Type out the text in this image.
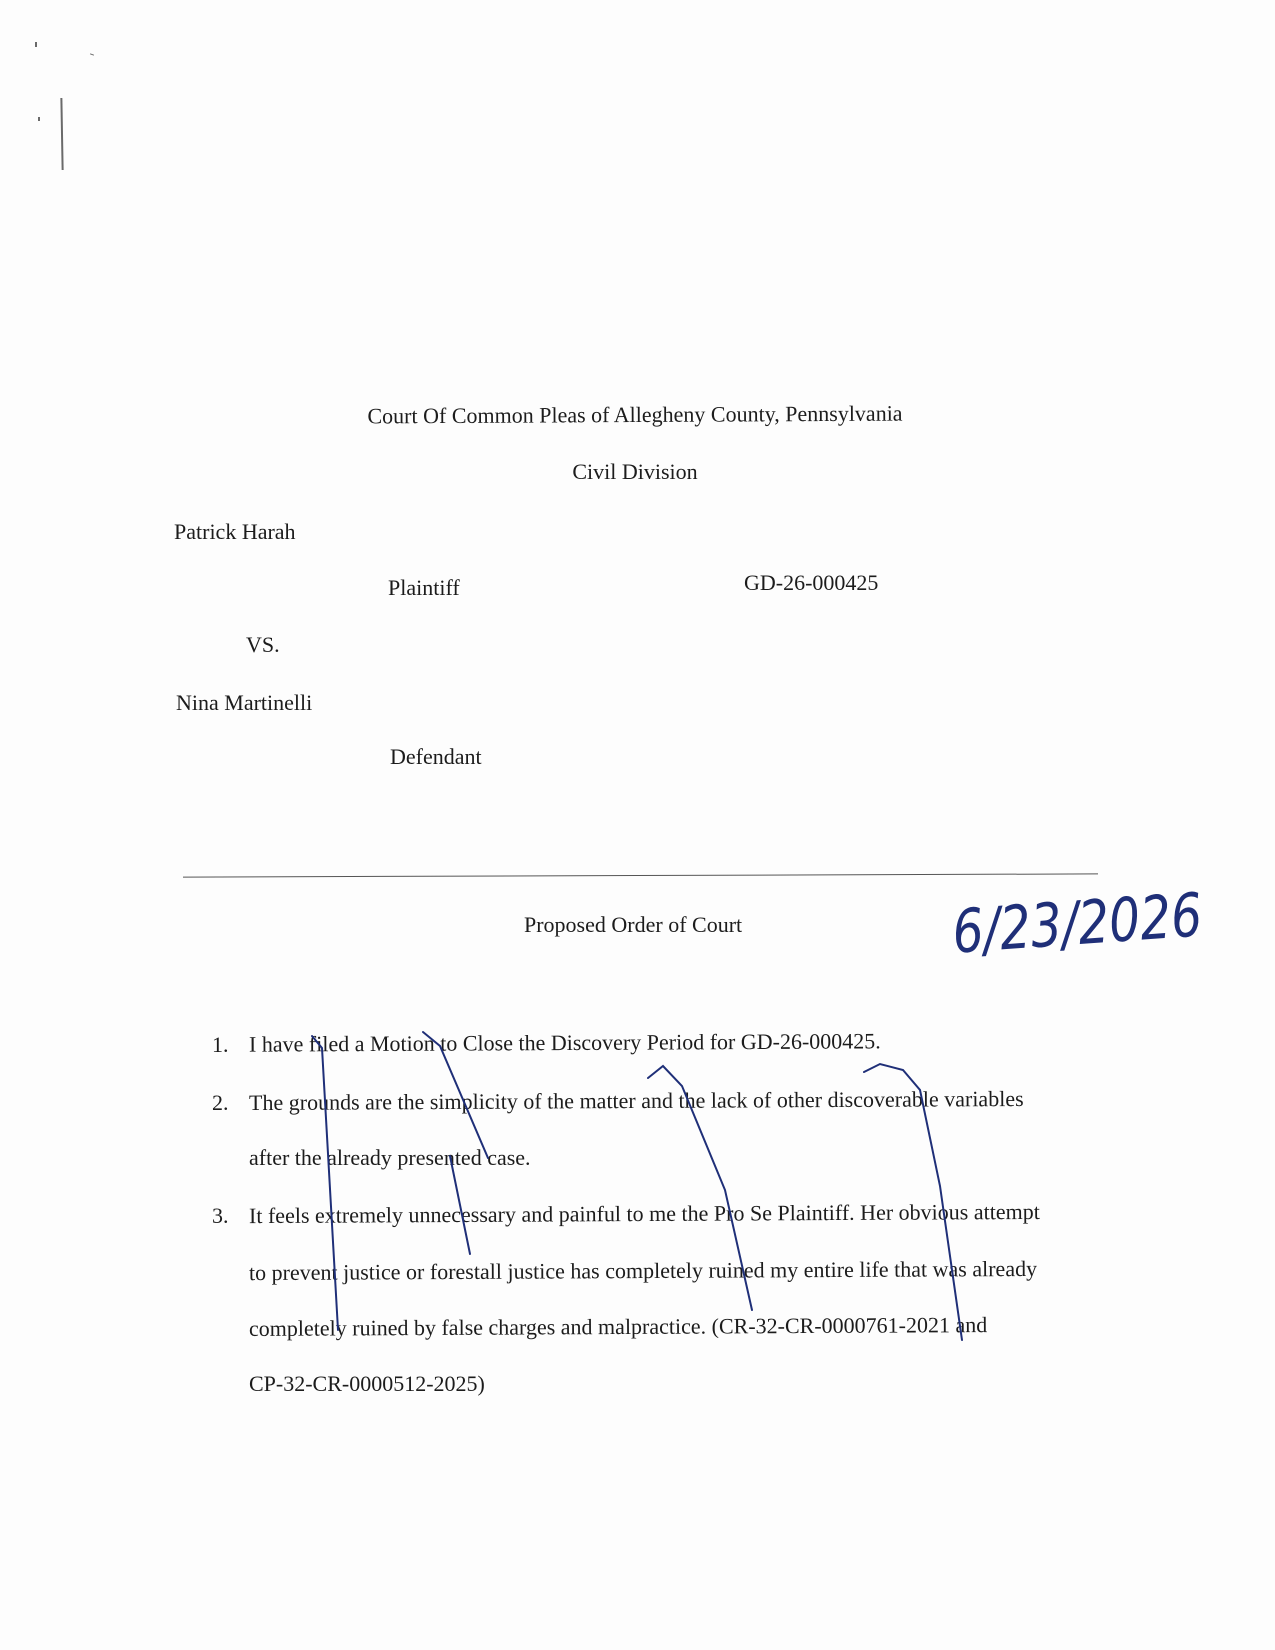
Court Of Common Pleas of Allegheny County, Pennsylvania
Civil Division
Patrick Harah
Plaintiff	GD-26-000425
VS.
Nina Martinelli
Defendant
Proposed Order of Court	6/23/2026
1. I have filed a Motion to Close the Discovery Period for GD-26-000425.
2. The grounds are the simplicity of the matter and the lack of other discoverable variables
after the already presented case.
3. It feels extremely unnecessary and painful to me the Pro Se Plaintiff. Her obvious attempt
to prevent justice or forestall justice has completely ruined my entire life that was already
completely ruined by false charges and malpractice. (CR-32-CR-0000761-2021 and
CP-32-CR-0000512-2025)
